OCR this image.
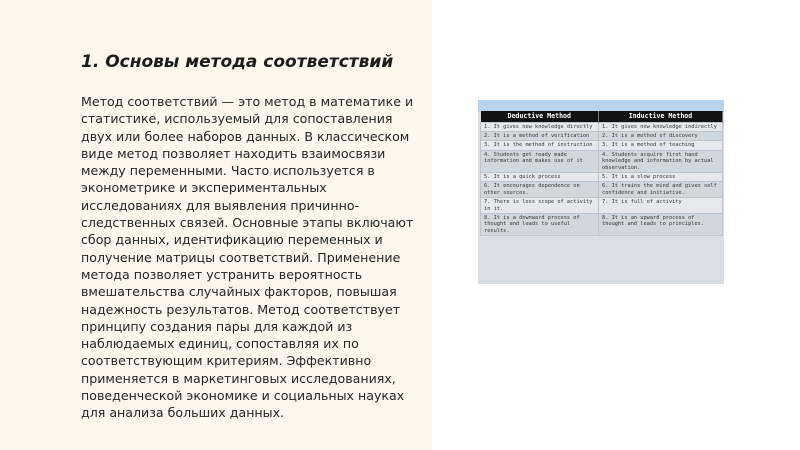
1. Основы метода соответствий

Метод соответствий — это метод в математике и статистике, используемый для сопоставления двух или более наборов данных. В классическом виде метод позволяет находить взаимосвязи между переменными. Часто используется в эконометрике и экспериментальных исследованиях для выявления причинно-следственных связей. Основные этапы включают сбор данных, идентификацию переменных и получение матрицы соответствий. Применение метода позволяет устранить вероятность вмешательства случайных факторов, повышая надежность результатов. Метод соответствует принципу создания пары для каждой из наблюдаемых единиц, сопоставляя их по соответствующим критериям. Эффективно применяется в маркетинговых исследованиях, поведенческой экономике и социальных науках для анализа больших данных.

Deductive Method	Inductive Method
1. It gives new knowledge directly	1. It gives new knowledge indirectly
2. It is a method of verification	2. It is a method of discovery
3. It is the method of instruction	3. It is a method of teaching
4. Students get ready made information and makes use of it	4. Students acquire first hand knowledge and information by actual observation.
5. It is a quick process	5. It is a slow process
6. It encourages dependence on other sources.	6. It trains the mind and gives self confidence and initiative.
7. There is less scope of activity in it.	7. It is full of activity
8. It is a downward process of thought and leads to useful results.	8. It is an upward process of thought and leads to principles.
